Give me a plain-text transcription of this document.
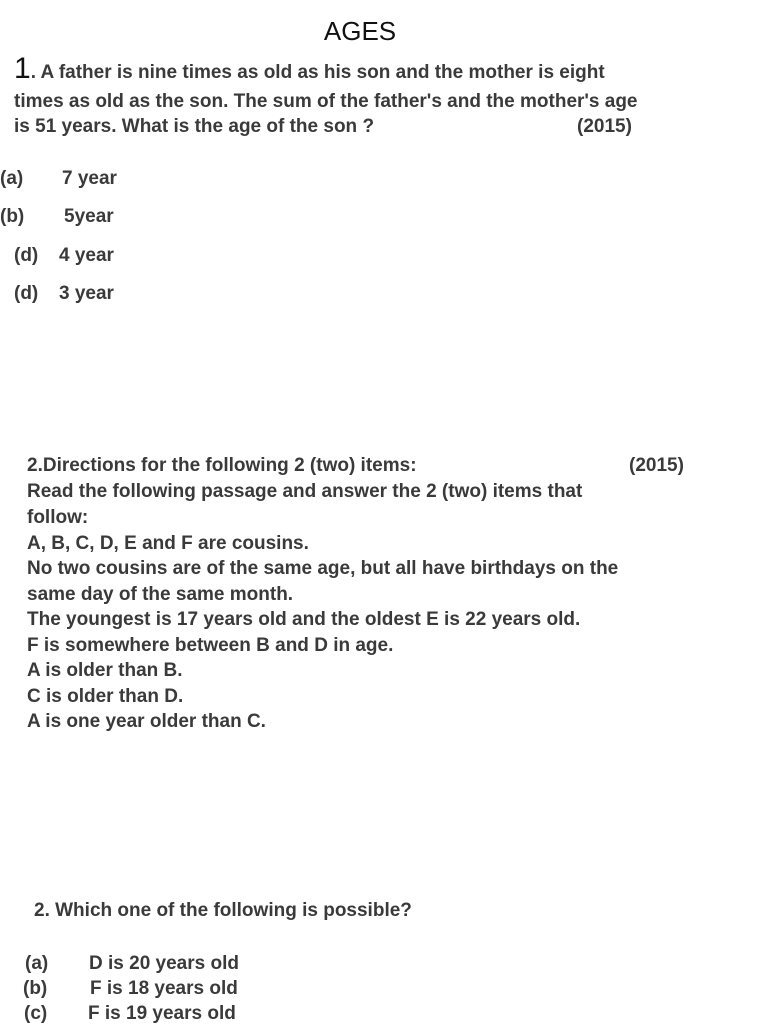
AGES
1. A father is nine times as old as his son and the mother is eight
times as old as the son. The sum of the father's and the mother's age
is 51 years. What is the age of the son ?	(2015)
(a) 7 year
(b) 5year
(d) 4 year
(d) 3 year
2.Directions for the following 2 (two) items:	(2015)
Read the following passage and answer the 2 (two) items that
follow:
A, B, C, D, E and F are cousins.
No two cousins are of the same age, but all have birthdays on the
same day of the same month.
The youngest is 17 years old and the oldest E is 22 years old.
F is somewhere between B and D in age.
A is older than B.
C is older than D.
A is one year older than C.
2. Which one of the following is possible?
(a) D is 20 years old
(b) F is 18 years old
(c) F is 19 years old
